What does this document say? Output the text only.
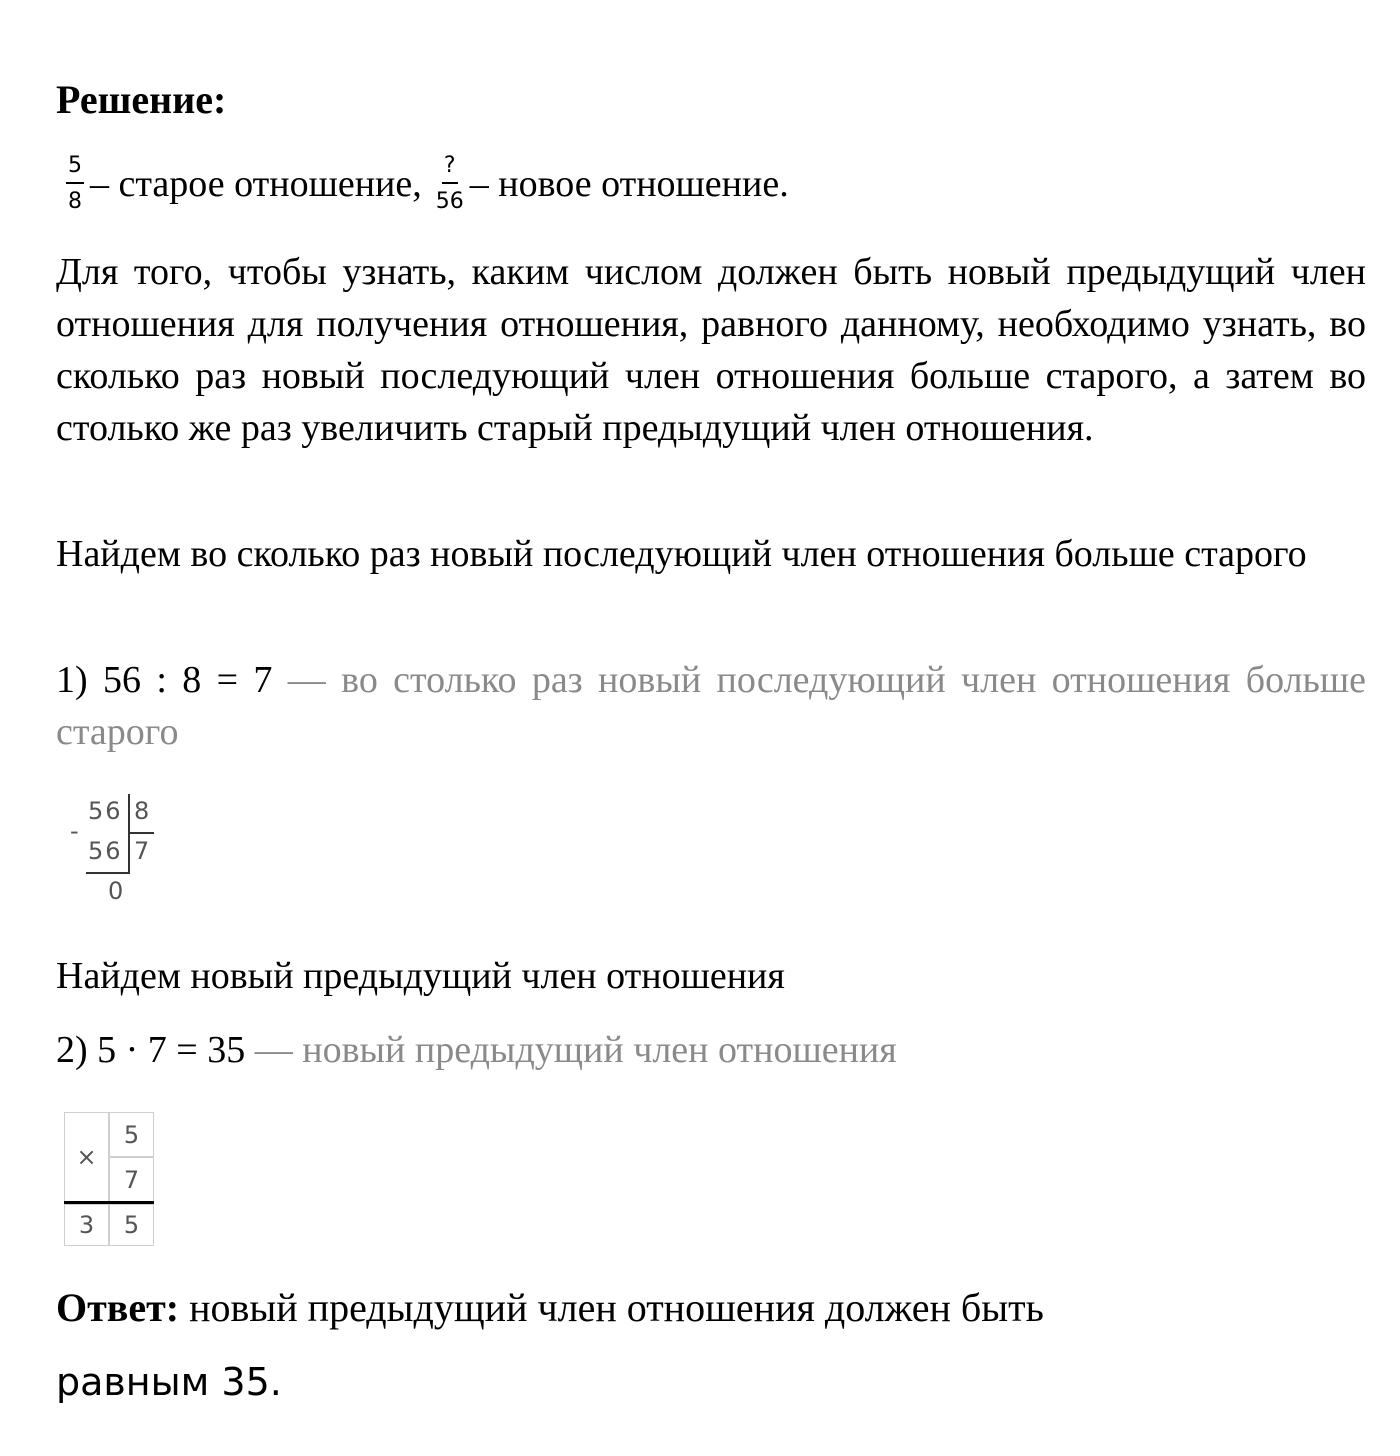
Решение:
$\frac{5}{8}$ – старое отношение, $\frac{?}{56}$ – новое отношение.
Для того, чтобы узнать, каким числом должен быть новый предыдущий член отношения для получения отношения, равного данному, необходимо узнать, во сколько раз новый последующий член отношения больше старого, а затем во столько же раз увеличить старый предыдущий член отношения.
Найдем во сколько раз новый последующий член отношения больше старого
1) 56 : 8 = 7 — во столько раз новый последующий член отношения больше старого
-
56 8
56 7
0
Найдем новый предыдущий член отношения
2) 5 · 7 = 35 — новый предыдущий член отношения
×
5
7
3 5
Ответ: новый предыдущий член отношения должен быть
равным 35.
